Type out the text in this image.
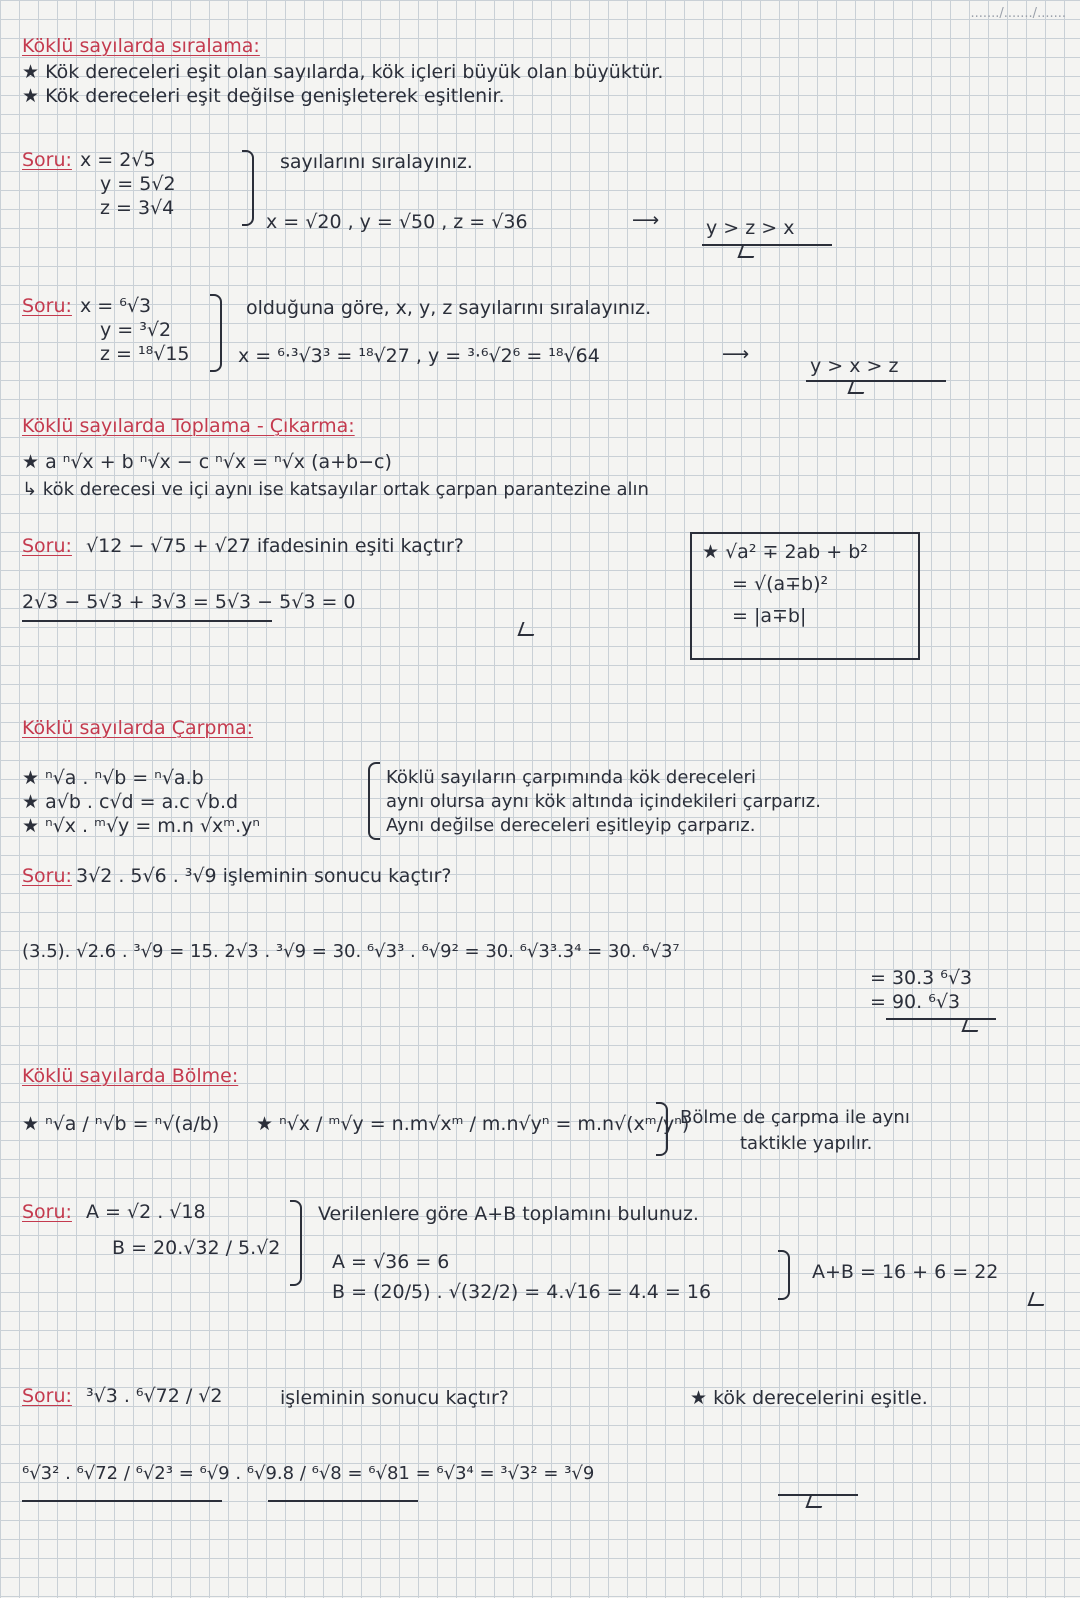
......./......./.......
Köklü sayılarda sıralama:
★ Kök dereceleri eşit olan sayılarda, kök içleri büyük olan büyüktür.
★ Kök dereceleri eşit değilse genişleterek eşitlenir.
Soru: x = 2√5
y = 5√2
z = 3√4
sayılarını sıralayınız.
x = √20 , y = √50 , z = √36	⟶ y > z > x
Soru: x = ⁶√3
y = ³√2
z = ¹⁸√15
olduğuna göre, x, y, z sayılarını sıralayınız.
x = ⁶·³√3³ = ¹⁸√27 , y = ³·⁶√2⁶ = ¹⁸√64	⟶
y > x > z
Köklü sayılarda Toplama - Çıkarma:
★ a ⁿ√x + b ⁿ√x − c ⁿ√x = ⁿ√x (a+b−c)
↳ kök derecesi ve içi aynı ise katsayılar ortak çarpan parantezine alın
Soru: √12 − √75 + √27 ifadesinin eşiti kaçtır?
2√3 − 5√3 + 3√3 = 5√3 − 5√3 = 0
★ √a² ∓ 2ab + b²
= √(a∓b)²
= |a∓b|
Köklü sayılarda Çarpma:
★ ⁿ√a . ⁿ√b = ⁿ√a.b
★ a√b . c√d = a.c √b.d
★ ⁿ√x . ᵐ√y = m.n √xᵐ.yⁿ
Köklü sayıların çarpımında kök dereceleri
aynı olursa aynı kök altında içindekileri çarparız.
Aynı değilse dereceleri eşitleyip çarparız.
Soru: 3√2 . 5√6 . ³√9 işleminin sonucu kaçtır?
(3.5). √2.6 . ³√9 = 15. 2√3 . ³√9 = 30. ⁶√3³ . ⁶√9² = 30. ⁶√3³.3⁴ = 30. ⁶√3⁷
= 30.3 ⁶√3
= 90. ⁶√3
Köklü sayılarda Bölme:
★ ⁿ√a / ⁿ√b = ⁿ√(a/b) ★ ⁿ√x / ᵐ√y = n.m√xᵐ / m.n√yⁿ = m.n√(xᵐ/yⁿ)
Bölme de çarpma ile aynı
taktikle yapılır.
Soru: A = √2 . √18
B = 20.√32 / 5.√2
Verilenlere göre A+B toplamını bulunuz.
A = √36 = 6
B = (20/5) . √(32/2) = 4.√16 = 4.4 = 16
A+B = 16 + 6 = 22
Soru: ³√3 . ⁶√72 / √2	işleminin sonucu kaçtır?	★ kök derecelerini eşitle.
⁶√3² . ⁶√72 / ⁶√2³ = ⁶√9 . ⁶√9.8 / ⁶√8 = ⁶√81 = ⁶√3⁴ = ³√3² = ³√9
